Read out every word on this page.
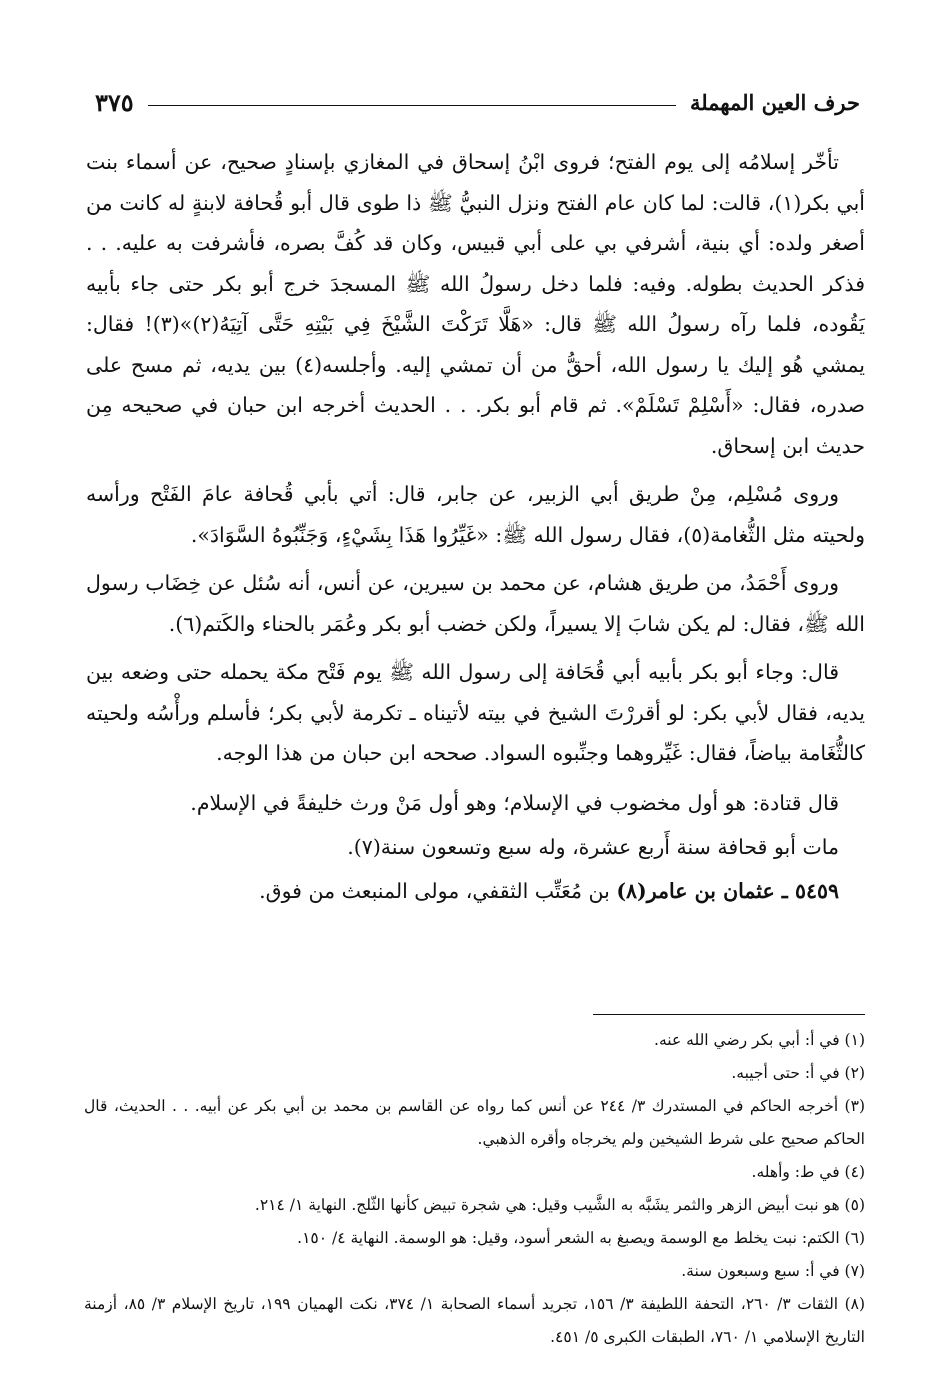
حرف العين المهملة
٣٧٥

تأخّر إسلامُه إلى يوم الفتح؛ فروى ابْنُ إسحاق في المغازي بإسنادٍ صحيح، عن أسماء بنت أبي بكر(١)، قالت: لما كان عام الفتح ونزل النبيُّ ﷺ ذا طوى قال أبو قُحافة لابنةٍ له كانت من أصغر ولده: أي بنية، أشرفي بي على أبي قبيس، وكان قد كُفَّ بصره، فأشرفت به عليه. . . فذكر الحديث بطوله. وفيه: فلما دخل رسولُ الله ﷺ المسجدَ خرج أبو بكر حتى جاء بأبيه يَقُوده، فلما رآه رسولُ الله ﷺ قال: «هَلَّا تَرَكْتَ الشَّيْخَ فِي بَيْتِهِ حَتَّى آتِيَهُ(٢)»(٣)! فقال: يمشي هُو إليك يا رسول الله، أحقُّ من أن تمشي إليه. وأجلسه(٤) بين يديه، ثم مسح على صدره، فقال: «أَسْلِمْ تَسْلَمْ». ثم قام أبو بكر. . . الحديث أخرجه ابن حبان في صحيحه مِن حديث ابن إسحاق.

وروى مُسْلِم، مِنْ طريق أبي الزبير، عن جابر، قال: أتي بأبي قُحافة عامَ الفَتْح ورأسه ولحيته مثل الثُّغامة(٥)، فقال رسول الله ﷺ: «غَيِّرُوا هَذَا بِشَيْءٍ، وَجَنِّبُوهُ السَّوَادَ».

وروى أَحْمَدُ، من طريق هشام، عن محمد بن سيرين، عن أنس، أنه سُئل عن خِضَاب رسول الله ﷺ، فقال: لم يكن شابَ إلا يسيراً، ولكن خضب أبو بكر وعُمَر بالحناء والكَتم(٦).

قال: وجاء أبو بكر بأبيه أبي قُحَافة إلى رسول الله ﷺ يوم فَتْح مكة يحمله حتى وضعه بين يديه، فقال لأبي بكر: لو أقررْتَ الشيخ في بيته لأتيناه ـ تكرمة لأبي بكر؛ فأسلم ورأْسُه ولحيته كالثُّغَامة بياضاً، فقال: غَيِّروهما وجنِّبوه السواد. صححه ابن حبان من هذا الوجه.

قال قتادة: هو أول مخضوب في الإسلام؛ وهو أول مَنْ ورث خليفةً في الإسلام.

مات أبو قحافة سنة أَربع عشرة، وله سبع وتسعون سنة(٧).

٥٤٥٩ ـ عثمان بن عامر(٨) بن مُعَتِّب الثقفي، مولى المنبعث من فوق.

(١) في أ: أبي بكر رضي الله عنه.
(٢) في أ: حتى أجيبه.
(٣) أخرجه الحاكم في المستدرك ٣/ ٢٤٤ عن أنس كما رواه عن القاسم بن محمد بن أبي بكر عن أبيه. . . الحديث، قال الحاكم صحيح على شرط الشيخين ولم يخرجاه وأقره الذهبي.
(٤) في ط: وأهله.
(٥) هو نبت أبيض الزهر والثمر يشَبَّه به الشَّيب وقيل: هي شجرة تبيض كأنها الثّلج. النهاية ١/ ٢١٤.
(٦) الكتم: نبت يخلط مع الوسمة ويصبغ به الشعر أسود، وقيل: هو الوسمة. النهاية ٤/ ١٥٠.
(٧) في أ: سبع وسبعون سنة.
(٨) الثقات ٣/ ٢٦٠، التحفة اللطيفة ٣/ ١٥٦، تجريد أسماء الصحابة ١/ ٣٧٤، نكت الهميان ١٩٩، تاريخ الإسلام ٣/ ٨٥، أزمنة التاريخ الإسلامي ١/ ٧٦٠، الطبقات الكبرى ٥/ ٤٥١.
